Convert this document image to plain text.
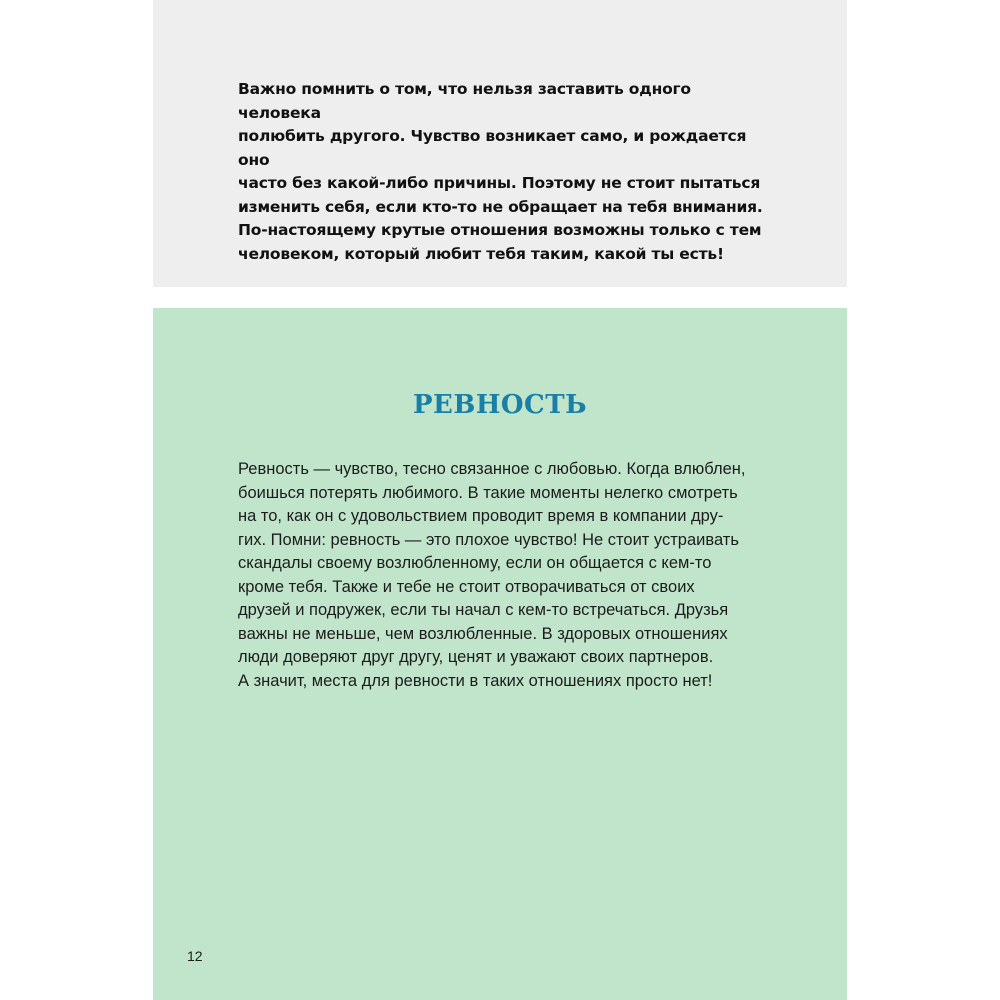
Важно помнить о том, что нельзя заставить одного человека
полюбить другого. Чувство возникает само, и рождается оно
часто без какой-либо причины. Поэтому не стоит пытаться
изменить себя, если кто-то не обращает на тебя внимания.
По-настоящему крутые отношения возможны только с тем
человеком, который любит тебя таким, какой ты есть!

РЕВНОСТЬ

Ревность — чувство, тесно связанное с любовью. Когда влюблен,
боишься потерять любимого. В такие моменты нелегко смотреть
на то, как он с удовольствием проводит время в компании дру-
гих. Помни: ревность — это плохое чувство! Не стоит устраивать
скандалы своему возлюбленному, если он общается с кем-то
кроме тебя. Также и тебе не стоит отворачиваться от своих
друзей и подружек, если ты начал с кем-то встречаться. Друзья
важны не меньше, чем возлюбленные. В здоровых отношениях
люди доверяют друг другу, ценят и уважают своих партнеров.
А значит, места для ревности в таких отношениях просто нет!

12
